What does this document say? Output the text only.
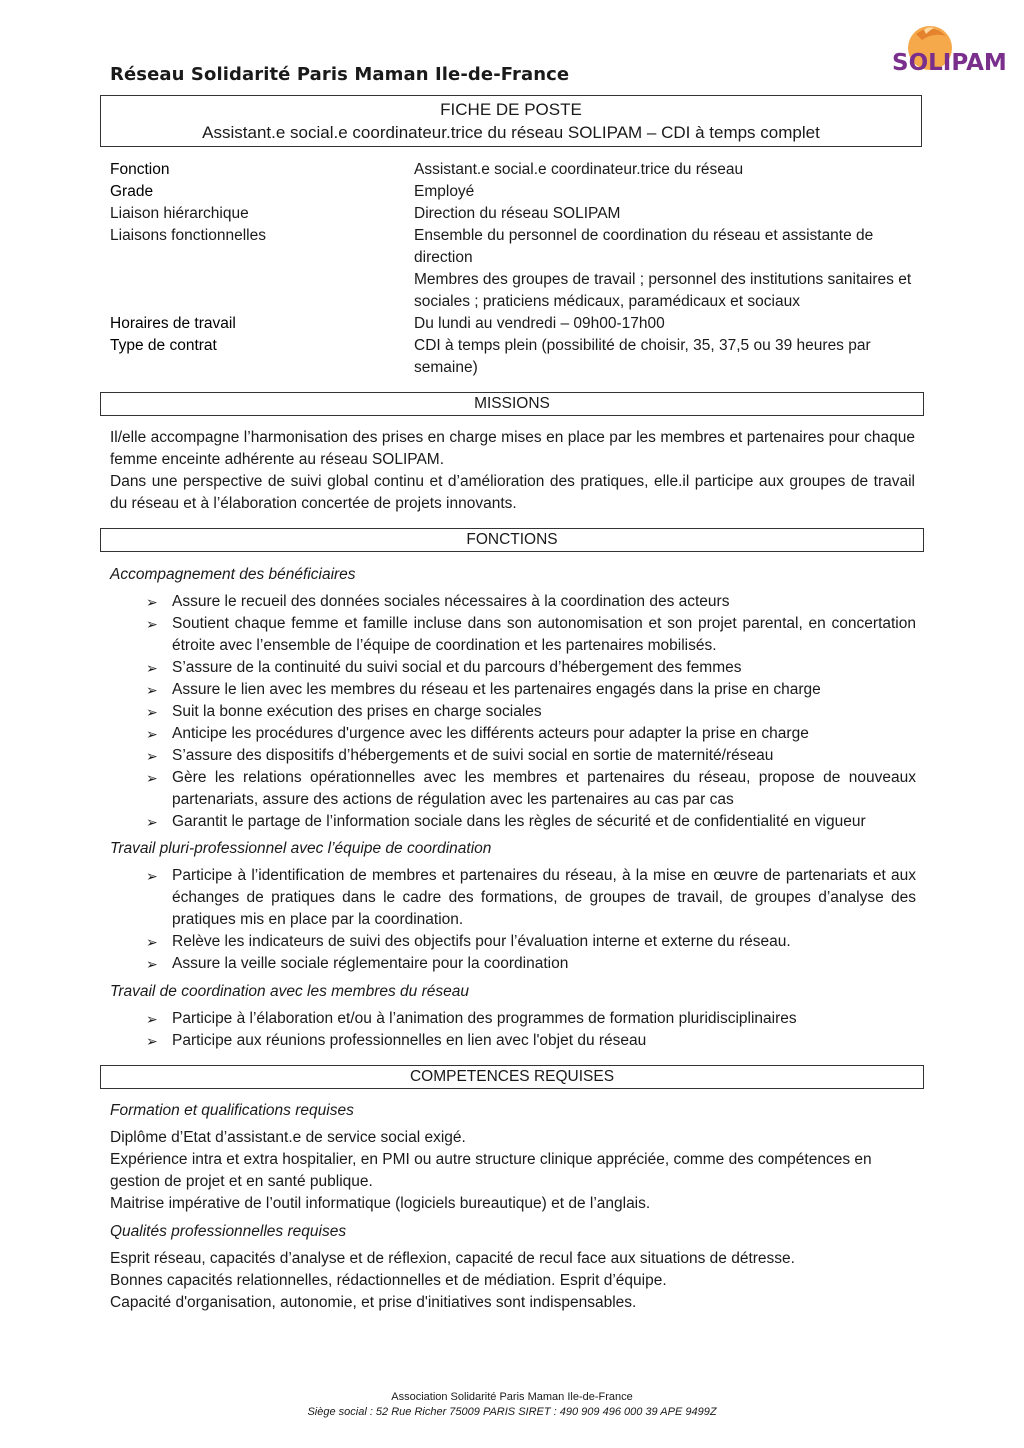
Réseau Solidarité Paris Maman Ile-de-France	SOLIPAM
FICHE DE POSTE
Assistant.e social.e coordinateur.trice du réseau SOLIPAM – CDI à temps complet
Fonction	Assistant.e social.e coordinateur.trice du réseau
Grade	Employé
Liaison hiérarchique	Direction du réseau SOLIPAM
Liaisons fonctionnelles	Ensemble du personnel de coordination du réseau et assistante de direction
Membres des groupes de travail ; personnel des institutions sanitaires et sociales ; praticiens médicaux, paramédicaux et sociaux
Horaires de travail	Du lundi au vendredi – 09h00-17h00
Type de contrat	CDI à temps plein (possibilité de choisir, 35, 37,5 ou 39 heures par semaine)
MISSIONS
Il/elle accompagne l’harmonisation des prises en charge mises en place par les membres et partenaires pour chaque femme enceinte adhérente au réseau SOLIPAM.
Dans une perspective de suivi global continu et d’amélioration des pratiques, elle.il participe aux groupes de travail du réseau et à l’élaboration concertée de projets innovants.
FONCTIONS
Accompagnement des bénéficiaires
➢ Assure le recueil des données sociales nécessaires à la coordination des acteurs
➢ Soutient chaque femme et famille incluse dans son autonomisation et son projet parental, en concertation étroite avec l’ensemble de l’équipe de coordination et les partenaires mobilisés.
➢ S’assure de la continuité du suivi social et du parcours d’hébergement des femmes
➢ Assure le lien avec les membres du réseau et les partenaires engagés dans la prise en charge
➢ Suit la bonne exécution des prises en charge sociales
➢ Anticipe les procédures d'urgence avec les différents acteurs pour adapter la prise en charge
➢ S’assure des dispositifs d’hébergements et de suivi social en sortie de maternité/réseau
➢ Gère les relations opérationnelles avec les membres et partenaires du réseau, propose de nouveaux partenariats, assure des actions de régulation avec les partenaires au cas par cas
➢ Garantit le partage de l’information sociale dans les règles de sécurité et de confidentialité en vigueur
Travail pluri-professionnel avec l’équipe de coordination
➢ Participe à l’identification de membres et partenaires du réseau, à la mise en œuvre de partenariats et aux échanges de pratiques dans le cadre des formations, de groupes de travail, de groupes d’analyse des pratiques mis en place par la coordination.
➢ Relève les indicateurs de suivi des objectifs pour l’évaluation interne et externe du réseau.
➢ Assure la veille sociale réglementaire pour la coordination
Travail de coordination avec les membres du réseau
➢ Participe à l’élaboration et/ou à l’animation des programmes de formation pluridisciplinaires
➢ Participe aux réunions professionnelles en lien avec l'objet du réseau
COMPETENCES REQUISES
Formation et qualifications requises
Diplôme d’Etat d’assistant.e de service social exigé.
Expérience intra et extra hospitalier, en PMI ou autre structure clinique appréciée, comme des compétences en gestion de projet et en santé publique.
Maitrise impérative de l’outil informatique (logiciels bureautique) et de l’anglais.
Qualités professionnelles requises
Esprit réseau, capacités d’analyse et de réflexion, capacité de recul face aux situations de détresse.
Bonnes capacités relationnelles, rédactionnelles et de médiation. Esprit d’équipe.
Capacité d'organisation, autonomie, et prise d'initiatives sont indispensables.
Association Solidarité Paris Maman Ile-de-France
Siège social : 52 Rue Richer 75009 PARIS SIRET : 490 909 496 000 39 APE 9499Z
